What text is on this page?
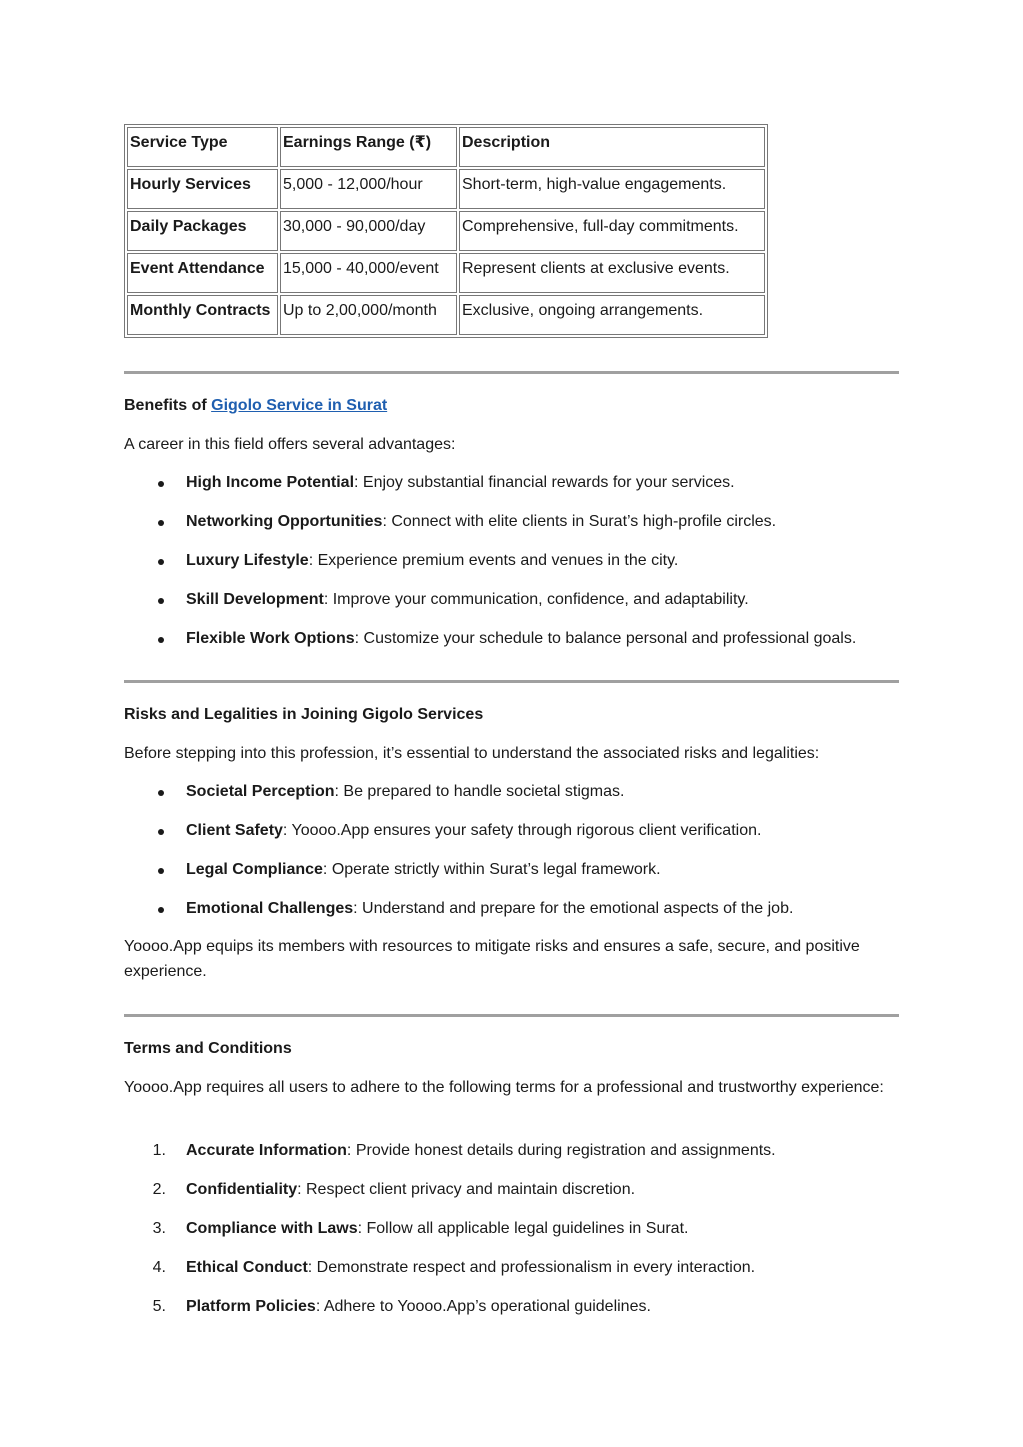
Service Type	Earnings Range (₹)	Description
Hourly Services	5,000 - 12,000/hour	Short-term, high-value engagements.
Daily Packages	30,000 - 90,000/day	Comprehensive, full-day commitments.
Event Attendance	15,000 - 40,000/event	Represent clients at exclusive events.
Monthly Contracts	Up to 2,00,000/month	Exclusive, ongoing arrangements.
Benefits of Gigolo Service in Surat
A career in this field offers several advantages:
High Income Potential: Enjoy substantial financial rewards for your services.
Networking Opportunities: Connect with elite clients in Surat’s high-profile circles.
Luxury Lifestyle: Experience premium events and venues in the city.
Skill Development: Improve your communication, confidence, and adaptability.
Flexible Work Options: Customize your schedule to balance personal and professional goals.
Risks and Legalities in Joining Gigolo Services
Before stepping into this profession, it’s essential to understand the associated risks and legalities:
Societal Perception: Be prepared to handle societal stigmas.
Client Safety: Yoooo.App ensures your safety through rigorous client verification.
Legal Compliance: Operate strictly within Surat’s legal framework.
Emotional Challenges: Understand and prepare for the emotional aspects of the job.
Yoooo.App equips its members with resources to mitigate risks and ensures a safe, secure, and positive experience.
Terms and Conditions
Yoooo.App requires all users to adhere to the following terms for a professional and trustworthy experience:
1. Accurate Information: Provide honest details during registration and assignments.
2. Confidentiality: Respect client privacy and maintain discretion.
3. Compliance with Laws: Follow all applicable legal guidelines in Surat.
4. Ethical Conduct: Demonstrate respect and professionalism in every interaction.
5. Platform Policies: Adhere to Yoooo.App’s operational guidelines.
